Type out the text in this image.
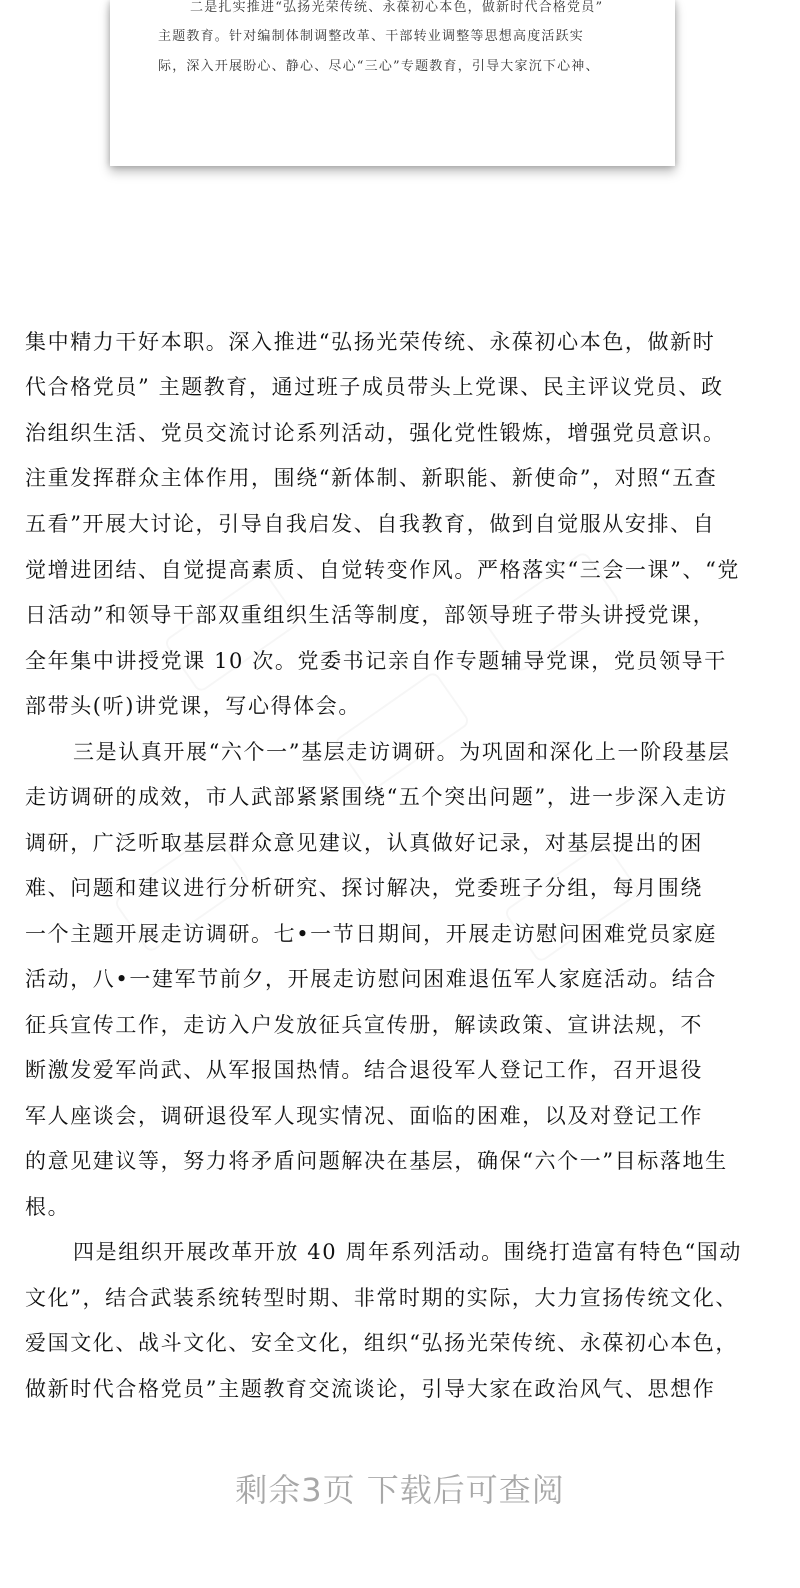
二是扎实推进“弘扬光荣传统、永葆初心本色，做新时代合格党员”
主题教育。针对编制体制调整改革、干部转业调整等思想高度活跃实
际，深入开展盼心、静心、尽心“三心”专题教育，引导大家沉下心神、
集中精力干好本职。深入推进“弘扬光荣传统、永葆初心本色，做新时
代合格党员” 主题教育，通过班子成员带头上党课、民主评议党员、政
治组织生活、党员交流讨论系列活动，强化党性锻炼，增强党员意识。
注重发挥群众主体作用，围绕“新体制、新职能、新使命”，对照“五查
五看”开展大讨论，引导自我启发、自我教育，做到自觉服从安排、自
觉增进团结、自觉提高素质、自觉转变作风。严格落实“三会一课”、“党
日活动”和领导干部双重组织生活等制度，部领导班子带头讲授党课，
全年集中讲授党课 10 次。党委书记亲自作专题辅导党课，党员领导干
部带头(听)讲党课，写心得体会。
三是认真开展“六个一”基层走访调研。为巩固和深化上一阶段基层
走访调研的成效，市人武部紧紧围绕“五个突出问题”，进一步深入走访
调研，广泛听取基层群众意见建议，认真做好记录，对基层提出的困
难、问题和建议进行分析研究、探讨解决，党委班子分组，每月围绕
一个主题开展走访调研。七•一节日期间，开展走访慰问困难党员家庭
活动，八•一建军节前夕，开展走访慰问困难退伍军人家庭活动。结合
征兵宣传工作，走访入户发放征兵宣传册，解读政策、宣讲法规，不
断激发爱军尚武、从军报国热情。结合退役军人登记工作，召开退役
军人座谈会，调研退役军人现实情况、面临的困难，以及对登记工作
的意见建议等，努力将矛盾问题解决在基层，确保“六个一”目标落地生
根。
四是组织开展改革开放 40 周年系列活动。围绕打造富有特色“国动
文化”，结合武装系统转型时期、非常时期的实际，大力宣扬传统文化、
爱国文化、战斗文化、安全文化，组织“弘扬光荣传统、永葆初心本色，
做新时代合格党员”主题教育交流谈论，引导大家在政治风气、思想作
剩余3页 下载后可查阅
